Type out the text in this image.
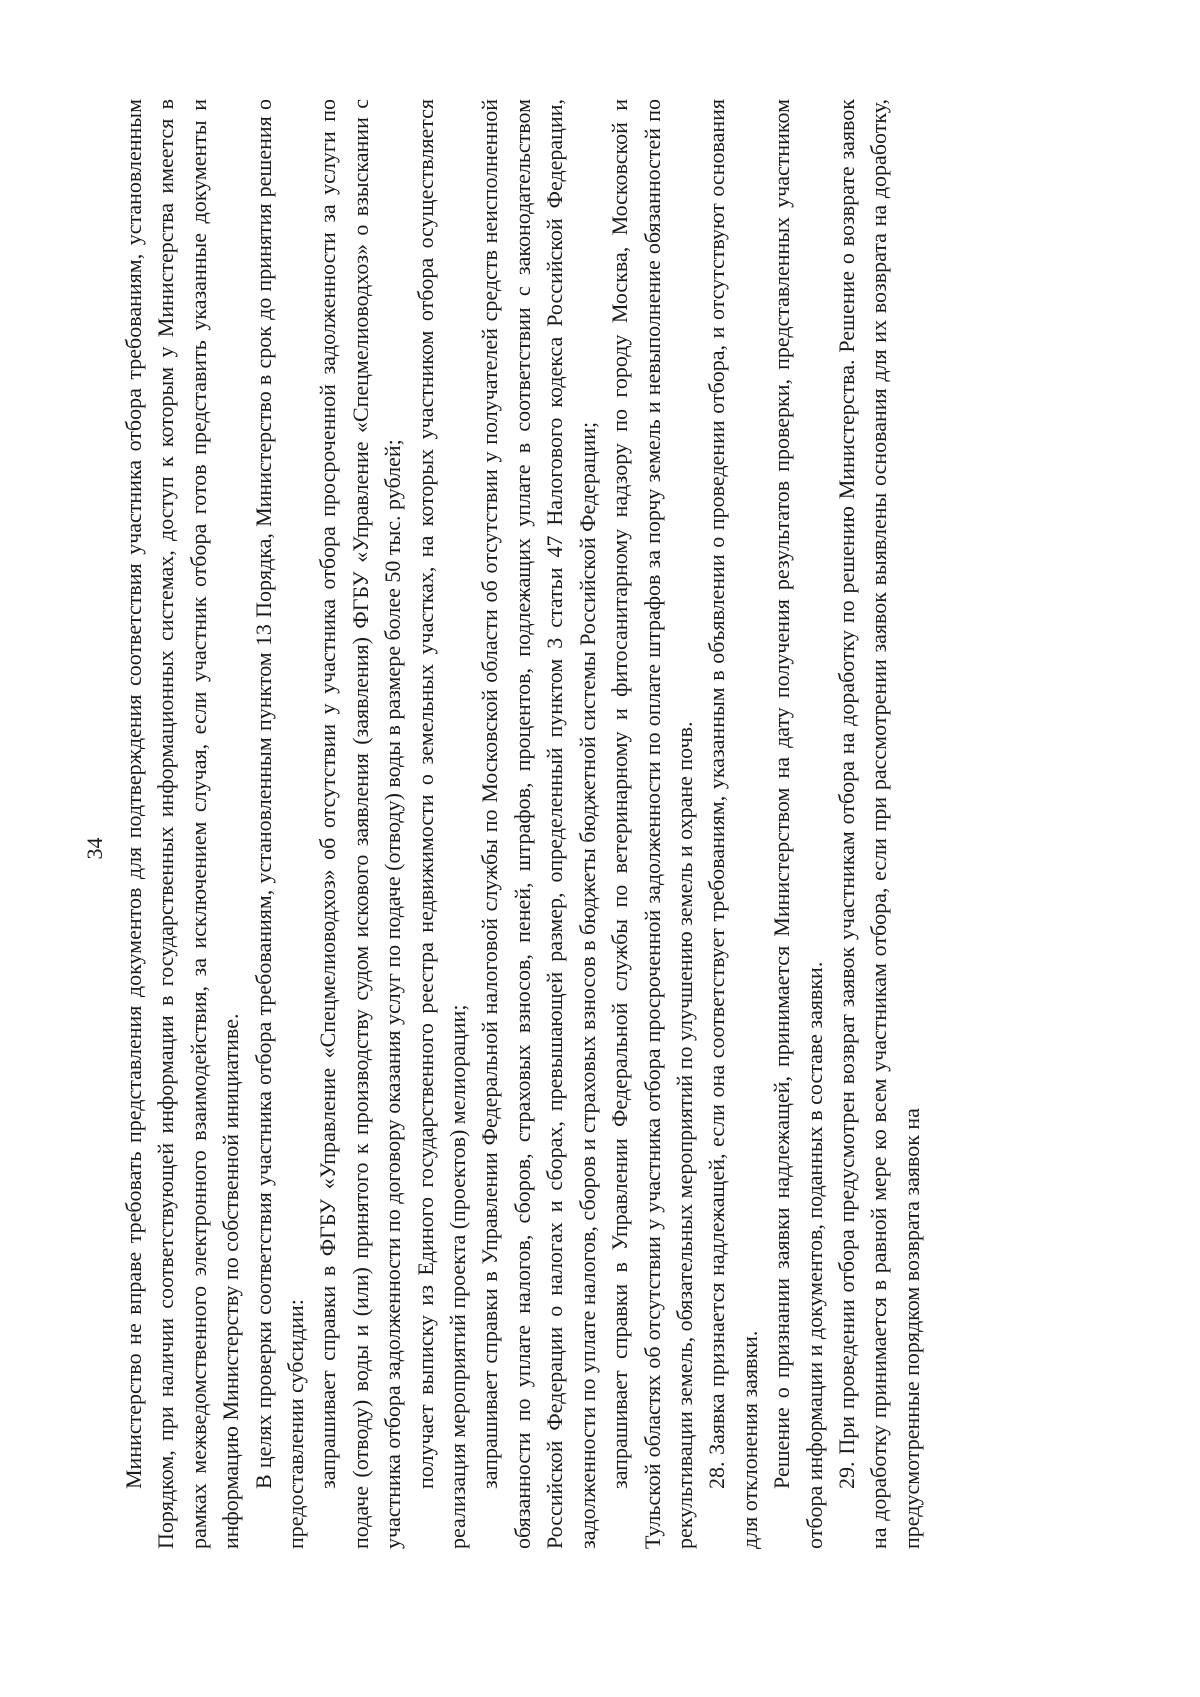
34 Министерство не вправе требовать представления документов для подтверждения соответствия участника отбора требованиям, установленным Порядком, при наличии соответствующей информации в государственных информационных системах, доступ к которым у Министерства имеется в рамках межведомственного электронного взаимодействия, за исключением случая, если участник отбора готов представить указанные документы и информацию Министерству по собственной инициативе. В целях проверки соответствия участника отбора требованиям, установленным пунктом 13 Порядка, Министерство в срок до принятия решения о предоставлении субсидии: запрашивает справки в ФГБУ «Управление «Спецмелиоводхоз» об отсутствии у участника отбора просроченной задолженности за услуги по подаче (отводу) воды и (или) принятого к производству судом искового заявления (заявления) ФГБУ «Управление «Спецмелиоводхоз» о взыскании с участника отбора задолженности по договору оказания услуг по подаче (отводу) воды в размере более 50 тыс. рублей; получает выписку из Единого государственного реестра недвижимости о земельных участках, на которых участником отбора осуществляется реализация мероприятий проекта (проектов) мелиорации; запрашивает справки в Управлении Федеральной налоговой службы по Московской области об отсутствии у получателей средств неисполненной обязанности по уплате налогов, сборов, страховых взносов, пеней, штрафов, процентов, подлежащих уплате в соответствии с законодательством Российской Федерации о налогах и сборах, превышающей размер, определенный пунктом 3 статьи 47 Налогового кодекса Российской Федерации, задолженности по уплате налогов, сборов и страховых взносов в бюджеты бюджетной системы Российской Федерации; запрашивает справки в Управлении Федеральной службы по ветеринарному и фитосанитарному надзору по городу Москва, Московской и Тульской областях об отсутствии у участника отбора просроченной задолженности по оплате штрафов за порчу земель и невыполнение обязанностей по рекультивации земель, обязательных мероприятий по улучшению земель и охране почв. 28. Заявка признается надлежащей, если она соответствует требованиям, указанным в объявлении о проведении отбора, и отсутствуют основания для отклонения заявки. Решение о признании заявки надлежащей, принимается Министерством на дату получения результатов проверки, представленных участником отбора информации и документов, поданных в составе заявки. 29. При проведении отбора предусмотрен возврат заявок участникам отбора на доработку по решению Министерства. Решение о возврате заявок на доработку принимается в равной мере ко всем участникам отбора, если при рассмотрении заявок выявлены основания для их возврата на доработку, предусмотренные порядком возврата заявок на
